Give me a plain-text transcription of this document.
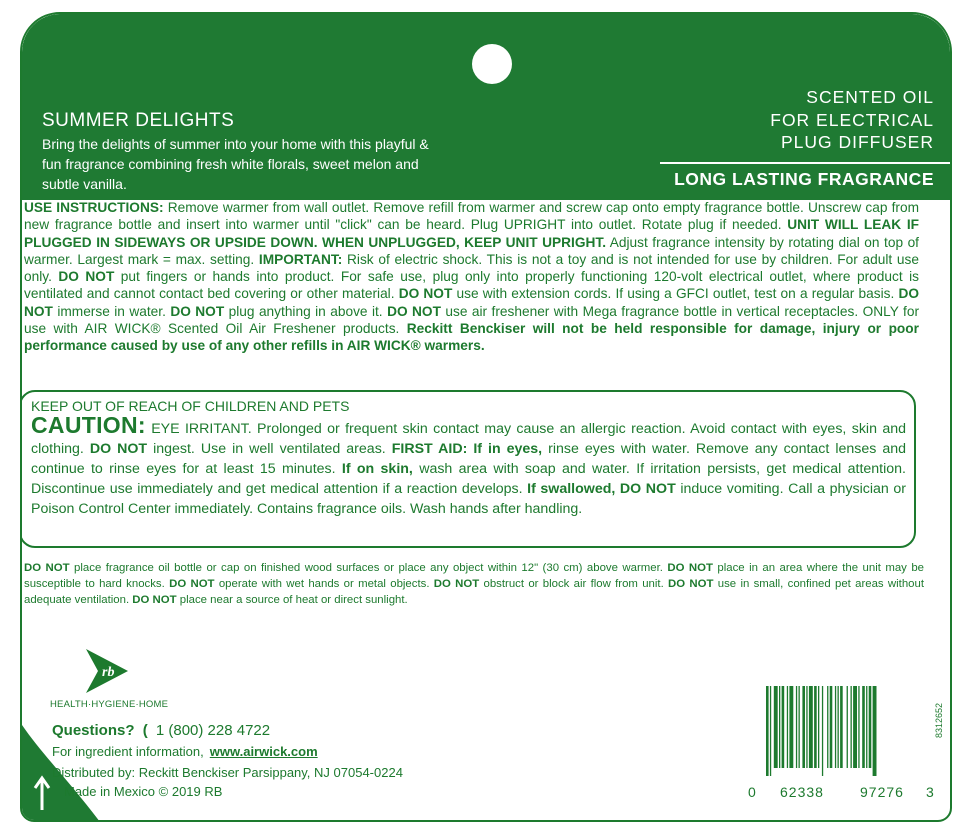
SUMMER DELIGHTS
Bring the delights of summer into your home with this playful & fun fragrance combining fresh white florals, sweet melon and subtle vanilla.
SCENTED OIL
FOR ELECTRICAL
PLUG DIFFUSER
LONG LASTING FRAGRANCE
USE INSTRUCTIONS: Remove warmer from wall outlet. Remove refill from warmer and screw cap onto empty fragrance bottle. Unscrew cap from new fragrance bottle and insert into warmer until "click" can be heard. Plug UPRIGHT into outlet. Rotate plug if needed. UNIT WILL LEAK IF PLUGGED IN SIDEWAYS OR UPSIDE DOWN. WHEN UNPLUGGED, KEEP UNIT UPRIGHT. Adjust fragrance intensity by rotating dial on top of warmer. Largest mark = max. setting. IMPORTANT: Risk of electric shock. This is not a toy and is not intended for use by children. For adult use only. DO NOT put fingers or hands into product. For safe use, plug only into properly functioning 120-volt electrical outlet, where product is ventilated and cannot contact bed covering or other material. DO NOT use with extension cords. If using a GFCI outlet, test on a regular basis. DO NOT immerse in water. DO NOT plug anything in above it. DO NOT use air freshener with Mega fragrance bottle in vertical receptacles. ONLY for use with AIR WICK® Scented Oil Air Freshener products. Reckitt Benckiser will not be held responsible for damage, injury or poor performance caused by use of any other refills in AIR WICK® warmers.
KEEP OUT OF REACH OF CHILDREN AND PETS
CAUTION: EYE IRRITANT. Prolonged or frequent skin contact may cause an allergic reaction. Avoid contact with eyes, skin and clothing. DO NOT ingest. Use in well ventilated areas. FIRST AID: If in eyes, rinse eyes with water. Remove any contact lenses and continue to rinse eyes for at least 15 minutes. If on skin, wash area with soap and water. If irritation persists, get medical attention. Discontinue use immediately and get medical attention if a reaction develops. If swallowed, DO NOT induce vomiting. Call a physician or Poison Control Center immediately. Contains fragrance oils. Wash hands after handling.
DO NOT place fragrance oil bottle or cap on finished wood surfaces or place any object within 12" (30 cm) above warmer. DO NOT place in an area where the unit may be susceptible to hard knocks. DO NOT operate with wet hands or metal objects. DO NOT obstruct or block air flow from unit. DO NOT use in small, confined pet areas without adequate ventilation. DO NOT place near a source of heat or direct sunlight.
rb
HEALTH·HYGIENE·HOME
Questions? ( 1 (800) 228 4722
For ingredient information, www.airwick.com
Distributed by: Reckitt Benckiser Parsippany, NJ 07054-0224
Made in Mexico © 2019 RB	0 62338	97276 3
8312652
